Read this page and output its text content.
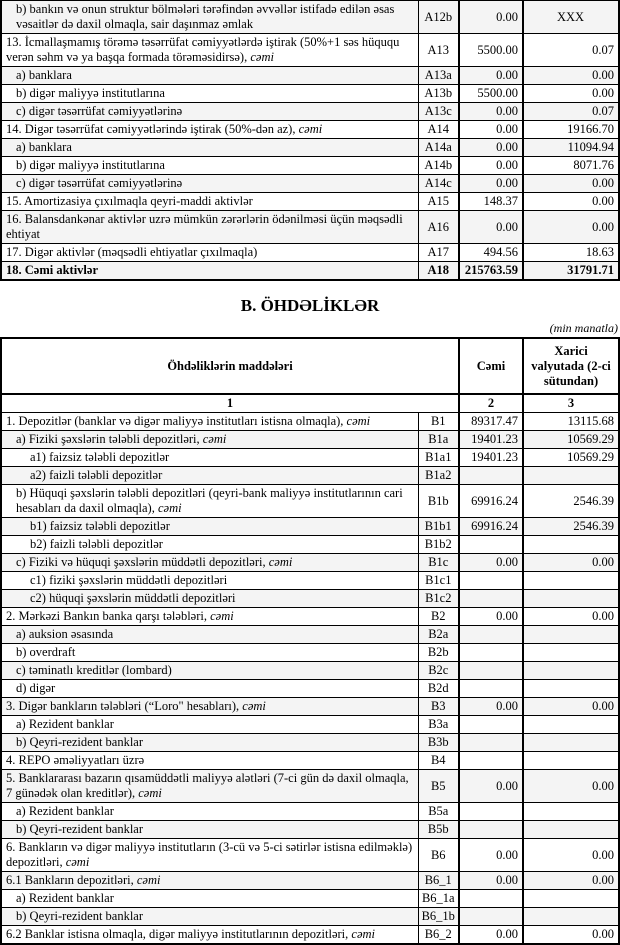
b) bankın və onun struktur bölmələri tərəfindən əvvəllər istifadə edilən əsas vəsaitlər də daxil olmaqla, sair daşınmaz əmlak	A12b	0.00	XXX
13. İcmallaşmamış törəmə təsərrüfat cəmiyyətlərdə iştirak (50%+1 səs hüququ verən səhm və ya başqa formada törəməsidirsə), cəmi	A13	5500.00	0.07
a) banklara	A13a	0.00	0.00
b) digər maliyyə institutlarına	A13b	5500.00	0.00
c) digər təsərrüfat cəmiyyətlərinə	A13c	0.00	0.07
14. Digər təsərrüfat cəmiyyətlərində iştirak (50%-dən az), cəmi	A14	0.00	19166.70
a) banklara	A14a	0.00	11094.94
b) digər maliyyə institutlarına	A14b	0.00	8071.76
c) digər təsərrüfat cəmiyyətlərinə	A14c	0.00	0.00
15. Amortizasiya çıxılmaqla qeyri-maddi aktivlər	A15	148.37	0.00
16. Balansdankənar aktivlər uzrə mümkün zərərlərin ödənilməsi üçün məqsədli ehtiyat	A16	0.00	0.00
17. Digər aktivlər (məqsədli ehtiyatlar çıxılmaqla)	A17	494.56	18.63
18. Cəmi aktivlər	A18	215763.59	31791.71
B. ÖHDƏLİKLƏR
(min manatla)
Öhdəliklərin maddələri		Cəmi	Xarici valyutada (2-ci sütundan)
1		2	3
1. Depozitlər (banklar və digər maliyyə institutları istisna olmaqla), cəmi	B1	89317.47	13115.68
a) Fiziki şəxslərin tələbli depozitləri, cəmi	B1a	19401.23	10569.29
a1) faizsiz tələbli depozitlər	B1a1	19401.23	10569.29
a2) faizli tələbli depozitlər	B1a2		
b) Hüquqi şəxslərin tələbli depozitləri (qeyri-bank maliyyə institutlarının cari hesabları da daxil olmaqla), cəmi	B1b	69916.24	2546.39
b1) faizsiz tələbli depozitlər	B1b1	69916.24	2546.39
b2) faizli tələbli depozitlər	B1b2		
c) Fiziki və hüquqi şəxslərin müddətli depozitləri, cəmi	B1c	0.00	0.00
c1) fiziki şəxslərin müddətli depozitləri	B1c1		
c2) hüquqi şəxslərin müddətli depozitləri	B1c2		
2. Mərkəzi Bankın banka qarşı tələbləri, cəmi	B2	0.00	0.00
a) auksion əsasında	B2a		
b) overdraft	B2b		
c) təminatlı kreditlər (lombard)	B2c		
d) digər	B2d		
3. Digər bankların tələbləri (“Loro" hesabları), cəmi	B3	0.00	0.00
a) Rezident banklar	B3a		
b) Qeyri-rezident banklar	B3b		
4. REPO əməliyyatları üzrə	B4		
5. Banklararası bazarın qısamüddətli maliyyə alətləri (7-ci gün də daxil olmaqla, 7 günədək olan kreditlər), cəmi	B5	0.00	0.00
a) Rezident banklar	B5a		
b) Qeyri-rezident banklar	B5b		
6. Bankların və digər maliyyə institutların (3-cü və 5-ci sətirlər istisna edilməklə) depozitləri, cəmi	B6	0.00	0.00
6.1 Bankların depozitləri, cəmi	B6_1	0.00	0.00
a) Rezident banklar	B6_1a		
b) Qeyri-rezident banklar	B6_1b		
6.2 Banklar istisna olmaqla, digər maliyyə institutlarının depozitləri, cəmi	B6_2	0.00	0.00
